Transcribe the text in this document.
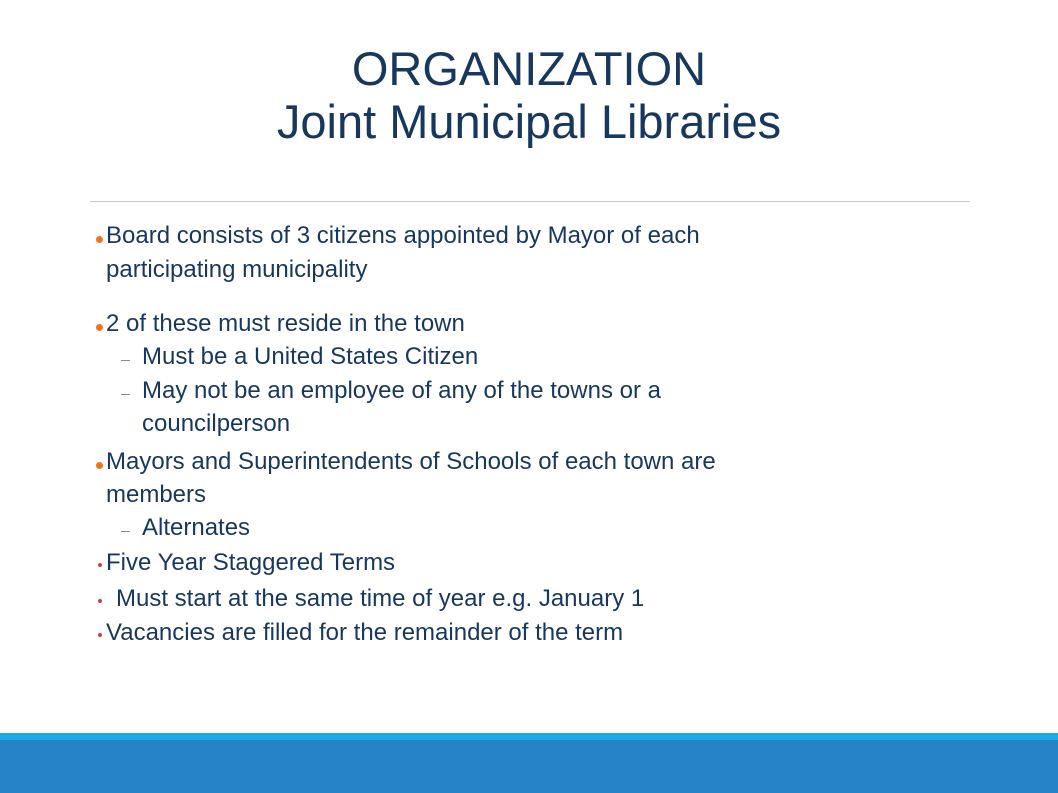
ORGANIZATION
Joint Municipal Libraries
Board consists of 3 citizens appointed by Mayor of each
participating municipality
2 of these must reside in the town
Must be a United States Citizen
May not be an employee of any of the towns or a
councilperson
Mayors and Superintendents of Schools of each town are
members
Alternates
Five Year Staggered Terms
Must start at the same time of year e.g. January 1
Vacancies are filled for the remainder of the term
